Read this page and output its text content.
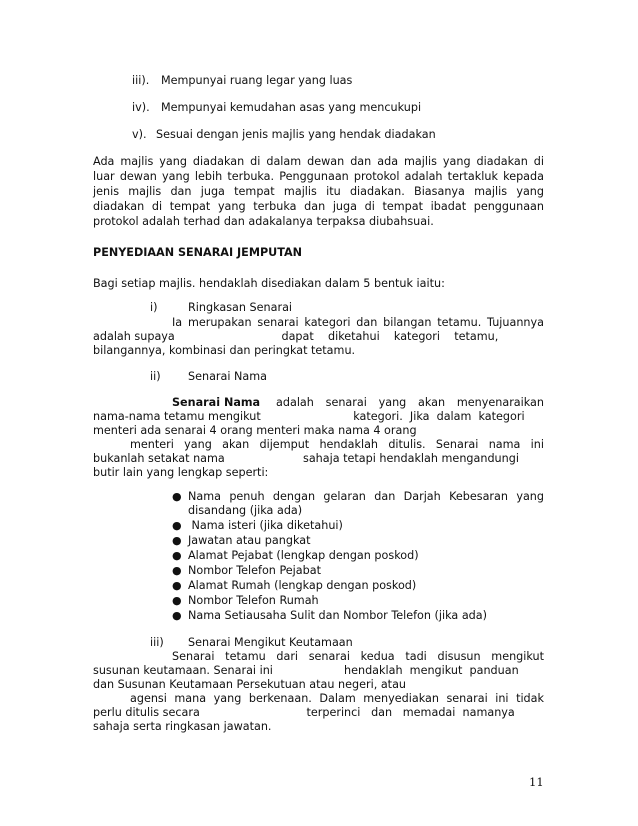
iii). Mempunyai ruang legar yang luas
iv). Mempunyai kemudahan asas yang mencukupi
v). Sesuai dengan jenis majlis yang hendak diadakan
Ada majlis yang diadakan di dalam dewan dan ada majlis yang diadakan di
luar dewan yang lebih terbuka. Penggunaan protokol adalah tertakluk kepada
jenis majlis dan juga tempat majlis itu diadakan. Biasanya majlis yang
diadakan di tempat yang terbuka dan juga di tempat ibadat penggunaan
protokol adalah terhad dan adakalanya terpaksa diubahsuai.
PENYEDIAAN SENARAI JEMPUTAN
Bagi setiap majlis. hendaklah disediakan dalam 5 bentuk iaitu:
i)	Ringkasan Senarai
Ia merupakan senarai kategori dan bilangan tetamu. Tujuannya
adalah supaya                              dapat    diketahui    kategori    tetamu,
bilangannya, kombinasi dan peringkat tetamu.
ii) Senarai Nama
Senarai Nama adalah senarai yang akan menyenaraikan
nama-nama tetamu mengikut                          kategori.  Jika  dalam  kategori
menteri ada senarai 4 orang menteri maka nama 4 orang
menteri yang akan dijemput hendaklah ditulis. Senarai nama ini
bukanlah setakat nama                      sahaja tetapi hendaklah mengandungi
butir lain yang lengkap seperti:
● Nama penuh dengan gelaran dan Darjah Kebesaran yang
disandang (jika ada)
● Nama isteri (jika diketahui)
● Jawatan atau pangkat
● Alamat Pejabat (lengkap dengan poskod)
● Nombor Telefon Pejabat
● Alamat Rumah (lengkap dengan poskod)
● Nombor Telefon Rumah
● Nama Setiausaha Sulit dan Nombor Telefon (jika ada)
iii) Senarai Mengikut Keutamaan
Senarai tetamu dari senarai kedua tadi disusun mengikut
susunan keutamaan. Senarai ini                    hendaklah  mengikut  panduan
dan Susunan Keutamaan Persekutuan atau negeri, atau
agensi mana yang berkenaan. Dalam menyediakan senarai ini tidak
perlu ditulis secara                              terperinci   dan   memadai  namanya
sahaja serta ringkasan jawatan.
11
